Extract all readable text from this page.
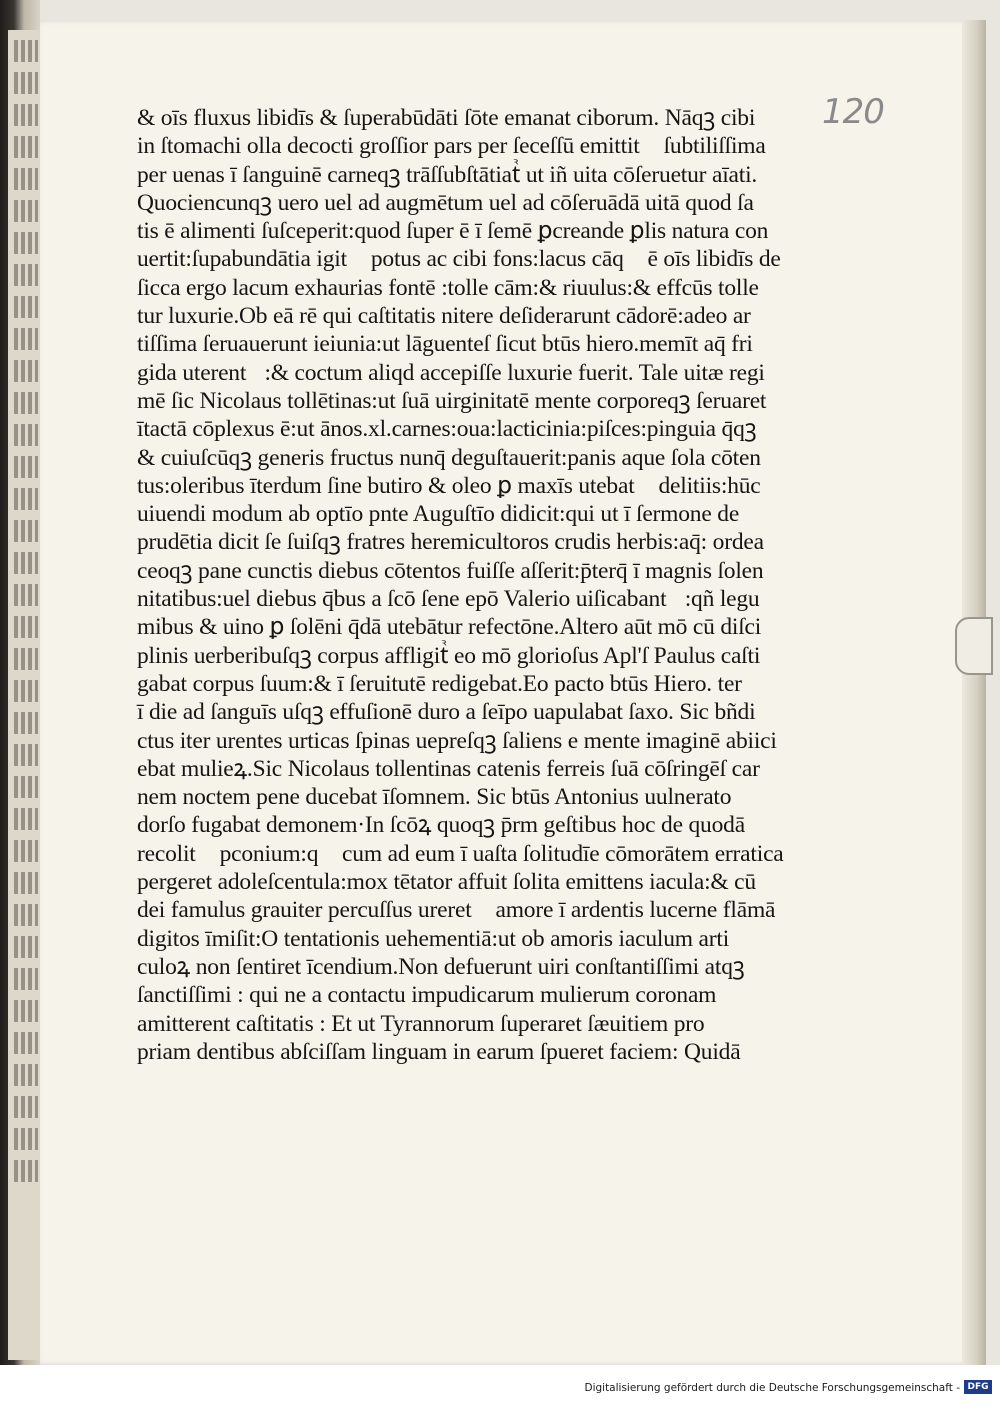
120
& oīs fluxus libidīs & ſuperabūdāti ſōte emanat ciborum. Nāqꝫ cibi
in ſtomachi olla decocti groſſior pars per ſeceſſū emittitᷣ ſubtiliſſima
per uenas ī ſanguinē carneqꝫ trāſſubſtātiatᷣ ut iñ uita cōſeruetur aīati.
Quociencunqꝫ uero uel ad augmētum uel ad cōſeruādā uitā quod ſa
tis ē alimenti ſuſceperit:quod ſuper ē ī ſemē ꝑcreande ꝑlis natura con
uertit:ſupabundātia igitᷣ potus ac cibi fons:lacus cāqꝫ ē oīs libidīs de
ſicca ergo lacum exhaurias fontē :tolle cām:& riuulus:& effcūs tolle
tur luxurie.Ob eā rē qui caſtitatis nitere deſiderarunt cādorē:adeo ar
tiſſima ſeruauerunt ieiunia:ut lāguenteſ ſicut btūs hiero.memīt aq̄ fri
gida uterentᷣ:& coctum aliqd accepiſſe luxurie fuerit. Tale uitæ regi
mē ſic Nicolaus tollētinas:ut ſuā uirginitatē mente corporeqꝫ ſeruaret
ītactā cōplexus ē:ut ānos.xl.carnes:oua:lacticinia:piſces:pinguia q̄qꝫ
& cuiuſcūqꝫ generis fructus nunq̄ deguſtauerit:panis aque ſola cōten
tus:oleribus īterdum ſine butiro & oleo ꝑ maxīs utebatᷣ delitiis:hūc
uiuendi modum ab optīo pnte Auguſtīo didicit:qui ut ī ſermone de
prudētia dicit ſe ſuiſqꝫ fratres heremicultoros crudis herbis:aq̄: ordea
ceoqꝫ pane cunctis diebus cōtentos fuiſſe aſſerit:p̄terq̄ ī magnis ſolen
nitatibus:uel diebus q̄bus a ſcō ſene epō Valerio uiſicabantᷣ:qñ legu
mibus & uino ꝑ ſolēni q̄dā utebātur refectōne.Altero aūt mō cū diſci
plinis uerberibuſqꝫ corpus affligitᷣ eo mō glorioſus Apl'ſ Paulus caſti
gabat corpus ſuum:& ī ſeruitutē redigebat.Eo pacto btūs Hiero. ter
ī die ad ſanguīs uſqꝫ effuſionē duro a ſeīpo uapulabat ſaxo. Sic bñdi
ctus iter urentes urticas ſpinas uepreſqꝫ ſaliens e mente imaginē abiici
ebat mulieꝝ.Sic Nicolaus tollentinas catenis ferreis ſuā cōſringēſ car
nem noctem pene ducebat īſomnem. Sic btūs Antonius uulnerato
dorſo fugabat demonem·In ſcōꝝ quoqꝫ p̄rm geſtibus hoc de quodā
recolitᷣ pconium:qꝫ cum ad eum ī uaſta ſolitudīe cōmorātem erratica
pergeret adoleſcentula:mox tētator affuit ſolita emittens iacula:& cū
dei famulus grauiter percuſſus ureretᷣ amore ī ardentis lucerne flāmā
digitos īmiſit:O tentationis uehementiā:ut ob amoris iaculum arti
culoꝝ non ſentiret īcendium.Non defuerunt uiri conſtantiſſimi atqꝫ
ſanctiſſimi : qui ne a contactu impudicarum mulierum coronam
amitterent caſtitatis : Et ut Tyrannorum ſuperaret ſæuitiem pro
priam dentibus abſciſſam linguam in earum ſpueret faciem: Quidā
Digitalisierung gefördert durch die Deutsche Forschungsgemeinschaft - DFG
